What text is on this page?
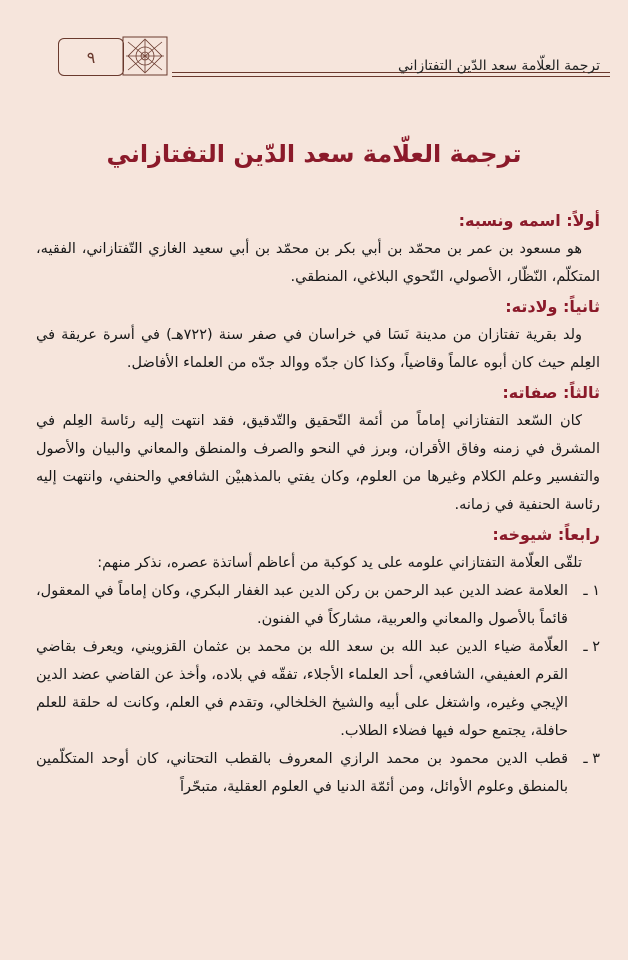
٩	ترجمة العلّامة سعد الدّين التفتازاني
ترجمة العلّامة سعد الدّين التفتازاني
أولاً: اسمه ونسبه:

هو مسعود بن عمر بن محمّد بن أبي بكر بن محمّد بن أبي سعيد الغازي التّفتازاني، الفقيه، المتكلّم، النّظّار، الأصولي، النّحوي البلاغي، المنطقي.

ثانياً: ولادته:

ولد بقرية تفتازان من مدينة نَسَا في خراسان في صفر سنة (٧٢٢هـ) في أسرة عريقة في العِلم حيث كان أبوه عالماً وقاضياً، وكذا كان جدّه ووالد جدّه من العلماء الأفاضل.

ثالثاً: صفاته:

كان السّعد التفتازاني إماماً من أئمة التّحقيق والتّدقيق، فقد انتهت إليه رئاسة العِلم في المشرق في زمنه وفاق الأقران، وبرز في النحو والصرف والمنطق والمعاني والبيان والأصول والتفسير وعلم الكلام وغيرها من العلوم، وكان يفتي بالمذهبيْن الشافعي والحنفي، وانتهت إليه رئاسة الحنفية في زمانه.

رابعاً: شيوخه:

تلقّى العلّامة التفتازاني علومه على يد كوكبة من أعاظم أساتذة عصره، نذكر منهم:

١ ـ
العلامة عضد الدين عبد الرحمن بن ركن الدين عبد الغفار البكري، وكان إماماً في المعقول، قائماً بالأصول والمعاني والعربية، مشاركاً في الفنون.
٢ ـ
العلّامة ضياء الدين عبد الله بن سعد الله بن محمد بن عثمان القزويني، ويعرف بقاضي القرم العفيفي، الشافعي، أحد العلماء الأجلاء، تفقّه في بلاده، وأخذ عن القاضي عضد الدين الإيجي وغيره، واشتغل على أبيه والشيخ الخلخالي، وتقدم في العلم، وكانت له حلقة للعلم حافلة، يجتمع حوله فيها فضلاء الطلاب.
٣ ـ
قطب الدين محمود بن محمد الرازي المعروف بالقطب التحتاني، كان أوحد المتكلّمين بالمنطق وعلوم الأوائل، ومن أئمّة الدنيا في العلوم العقلية، متبحّراً
